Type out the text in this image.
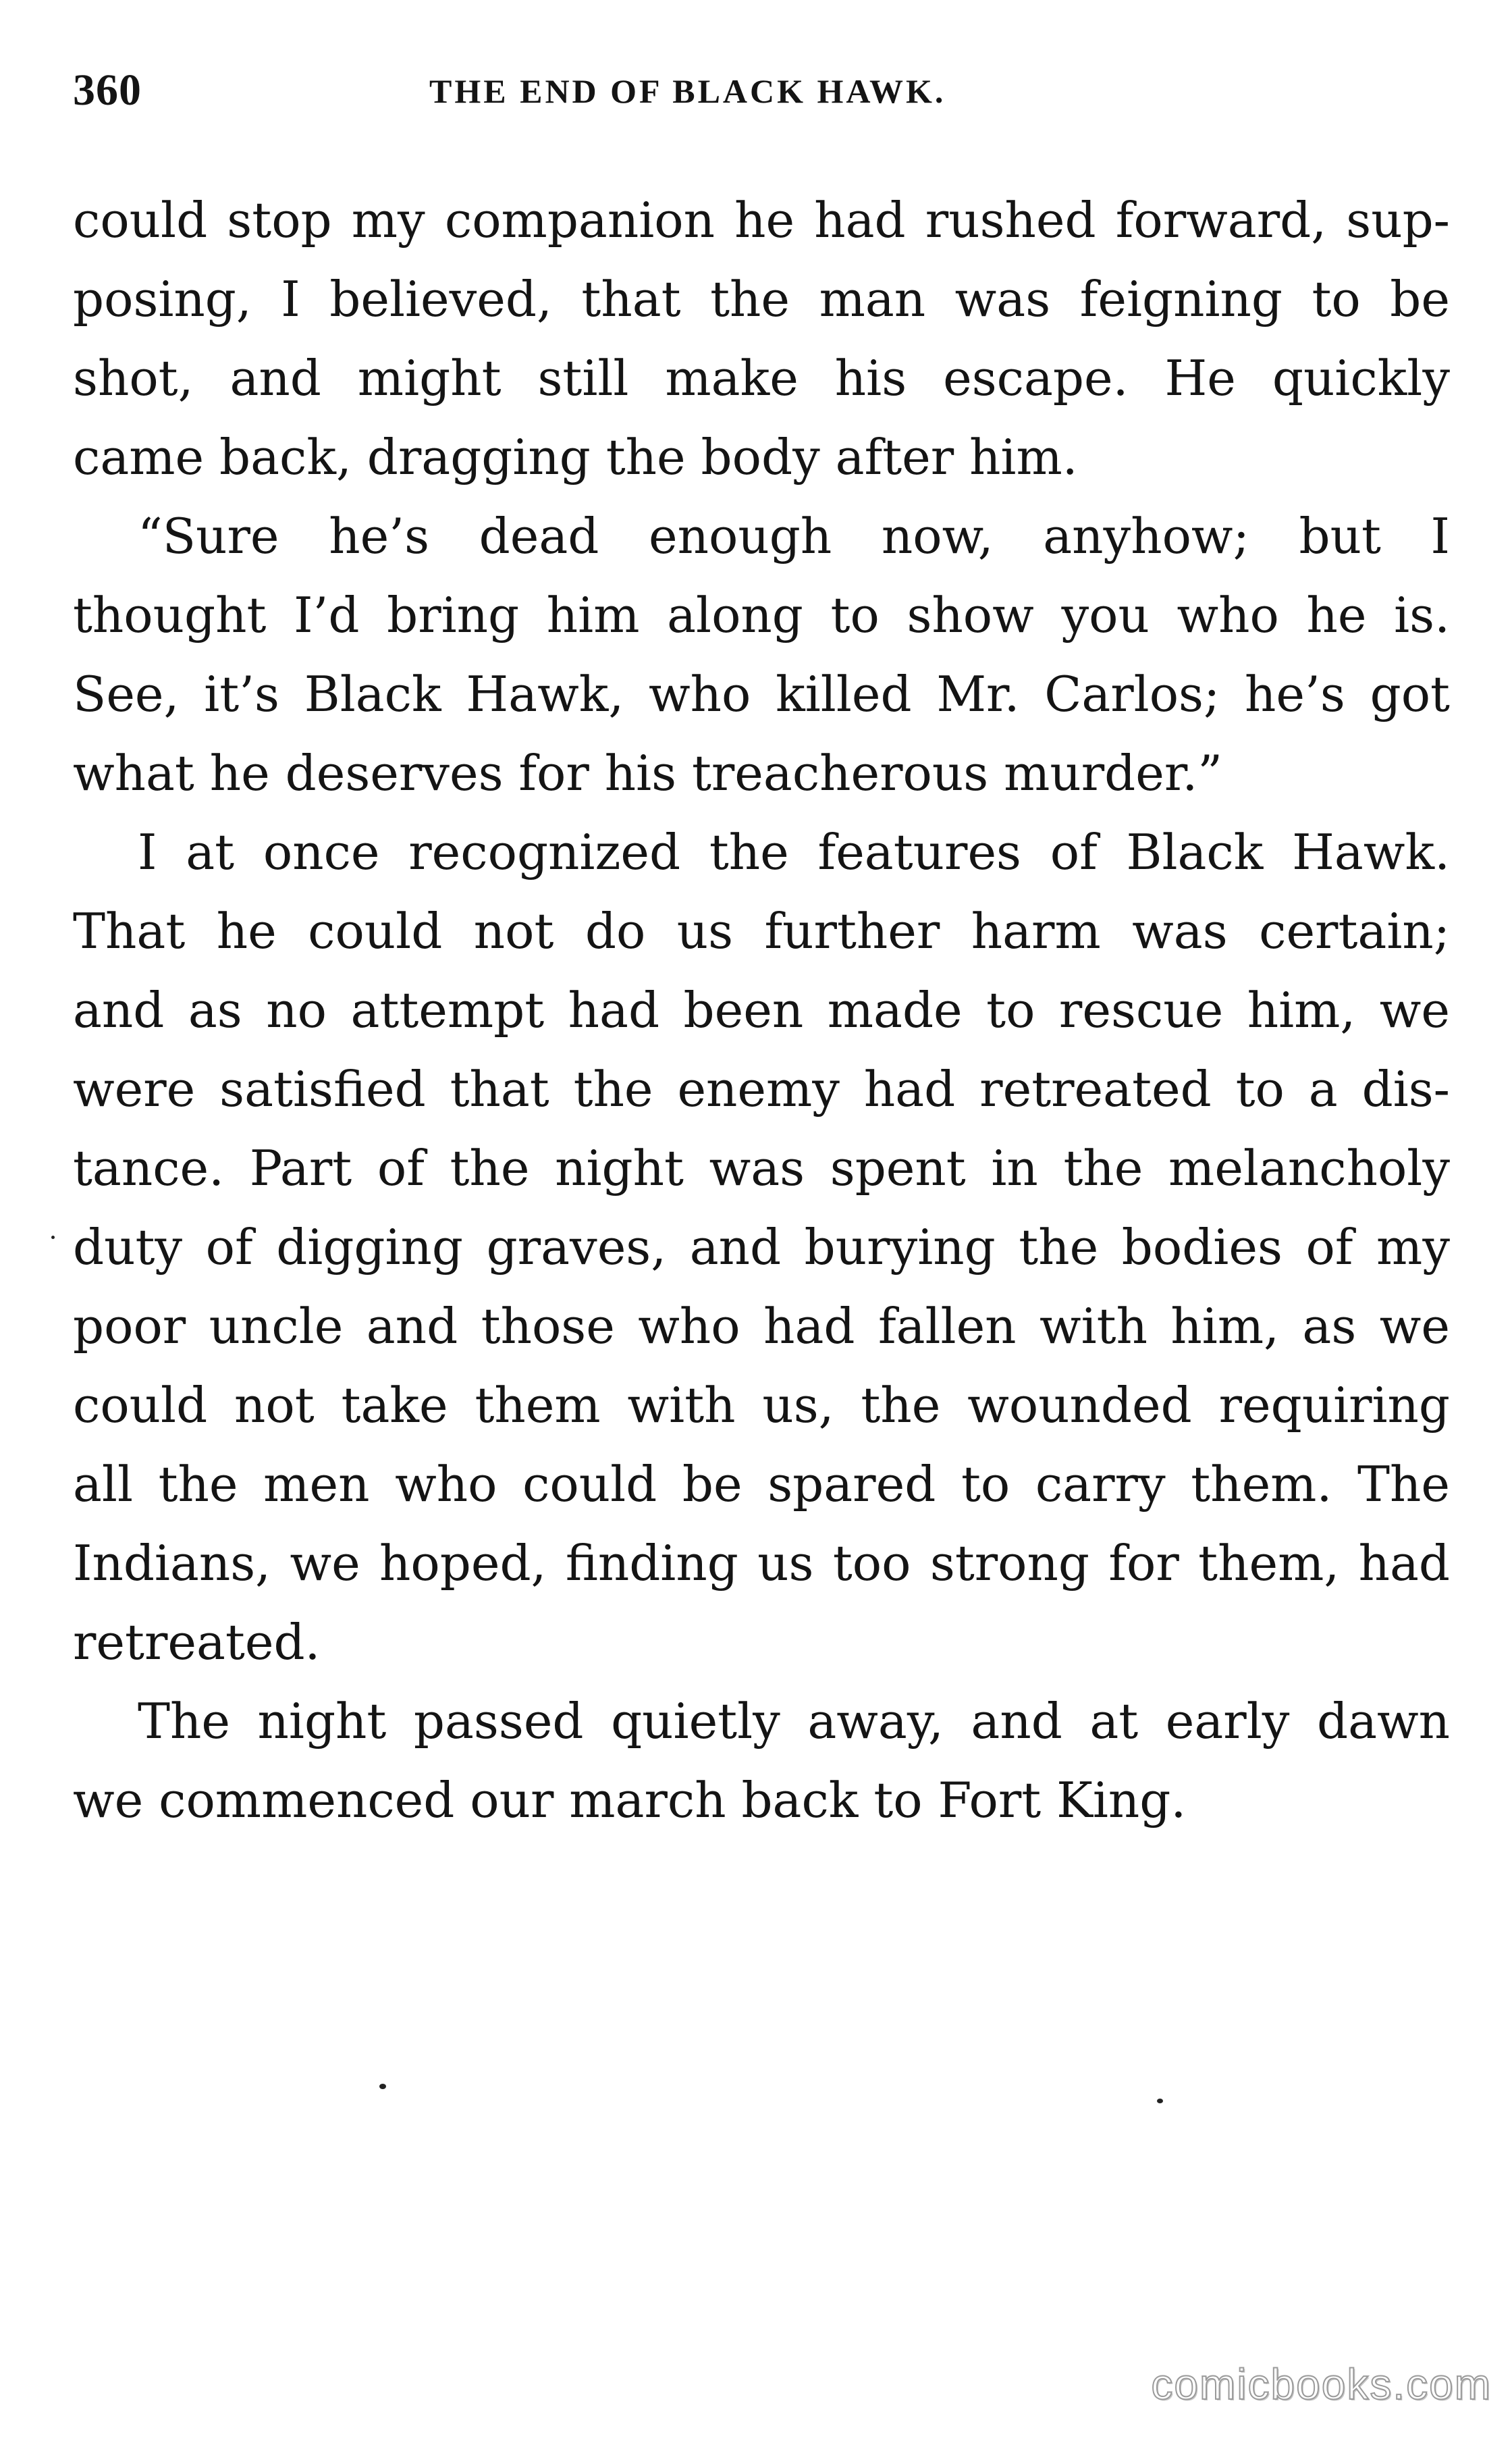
360	THE END OF BLACK HAWK.
could stop my companion he had rushed forward, sup-
posing, I believed, that the man was feigning to be
shot, and might still make his escape. He quickly
came back, dragging the body after him.
“Sure he’s dead enough now, anyhow; but I
thought I’d bring him along to show you who he is.
See, it’s Black Hawk, who killed Mr. Carlos; he’s got
what he deserves for his treacherous murder.”
I at once recognized the features of Black Hawk.
That he could not do us further harm was certain;
and as no attempt had been made to rescue him, we
were satisfied that the enemy had retreated to a dis-
tance. Part of the night was spent in the melancholy
duty of digging graves, and burying the bodies of my
poor uncle and those who had fallen with him, as we
could not take them with us, the wounded requiring
all the men who could be spared to carry them. The
Indians, we hoped, finding us too strong for them, had
retreated.
The night passed quietly away, and at early dawn
we commenced our march back to Fort King.
comicbooks.com
